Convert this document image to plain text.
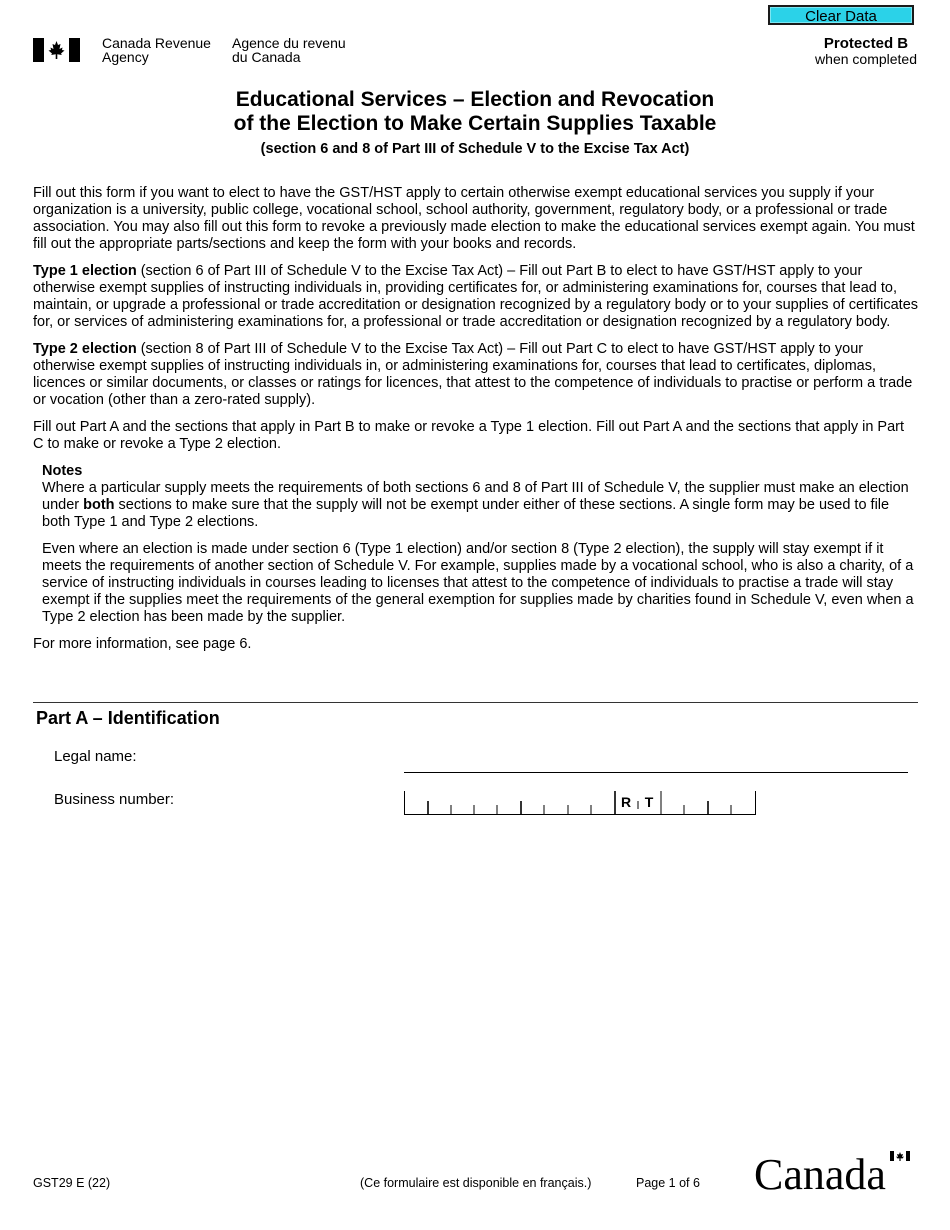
Clear Data
Canada Revenue
Agency
Agence du revenu
du Canada
Protected B
when completed
Educational Services – Election and Revocation
of the Election to Make Certain Supplies Taxable
(section 6 and 8 of Part III of Schedule V to the Excise Tax Act)

Fill out this form if you want to elect to have the GST/HST apply to certain otherwise exempt educational services you supply if your organization is a university, public college, vocational school, school authority, government, regulatory body, or a professional or trade association. You may also fill out this form to revoke a previously made election to make the educational services exempt again. You must fill out the appropriate parts/sections and keep the form with your books and records.

Type 1 election (section 6 of Part III of Schedule V to the Excise Tax Act) – Fill out Part B to elect to have GST/HST apply to your otherwise exempt supplies of instructing individuals in, providing certificates for, or administering examinations for, courses that lead to, maintain, or upgrade a professional or trade accreditation or designation recognized by a regulatory body or to your supplies of certificates for, or services of administering examinations for, a professional or trade accreditation or designation recognized by a regulatory body.

Type 2 election (section 8 of Part III of Schedule V to the Excise Tax Act) – Fill out Part C to elect to have GST/HST apply to your otherwise exempt supplies of instructing individuals in, or administering examinations for, courses that lead to certificates, diplomas, licences or similar documents, or classes or ratings for licences, that attest to the competence of individuals to practise or perform a trade or vocation (other than a zero-rated supply).

Fill out Part A and the sections that apply in Part B to make or revoke a Type 1 election. Fill out Part A and the sections that apply in Part C to make or revoke a Type 2 election.

Notes

Where a particular supply meets the requirements of both sections 6 and 8 of Part III of Schedule V, the supplier must make an election under both sections to make sure that the supply will not be exempt under either of these sections. A single form may be used to file both Type 1 and Type 2 elections.

Even where an election is made under section 6 (Type 1 election) and/or section 8 (Type 2 election), the supply will stay exempt if it meets the requirements of another section of Schedule V. For example, supplies made by a vocational school, who is also a charity, of a service of instructing individuals in courses leading to licenses that attest to the competence of individuals to practise a trade will stay exempt if the supplies meet the requirements of the general exemption for supplies made by charities found in Schedule V, even when a Type 2 election has been made by the supplier.

For more information, see page 6.

Part A – Identification
Legal name:
Business number:	R T
GST29 E (22)	(Ce formulaire est disponible en français.)	Page 1 of 6 Canada
